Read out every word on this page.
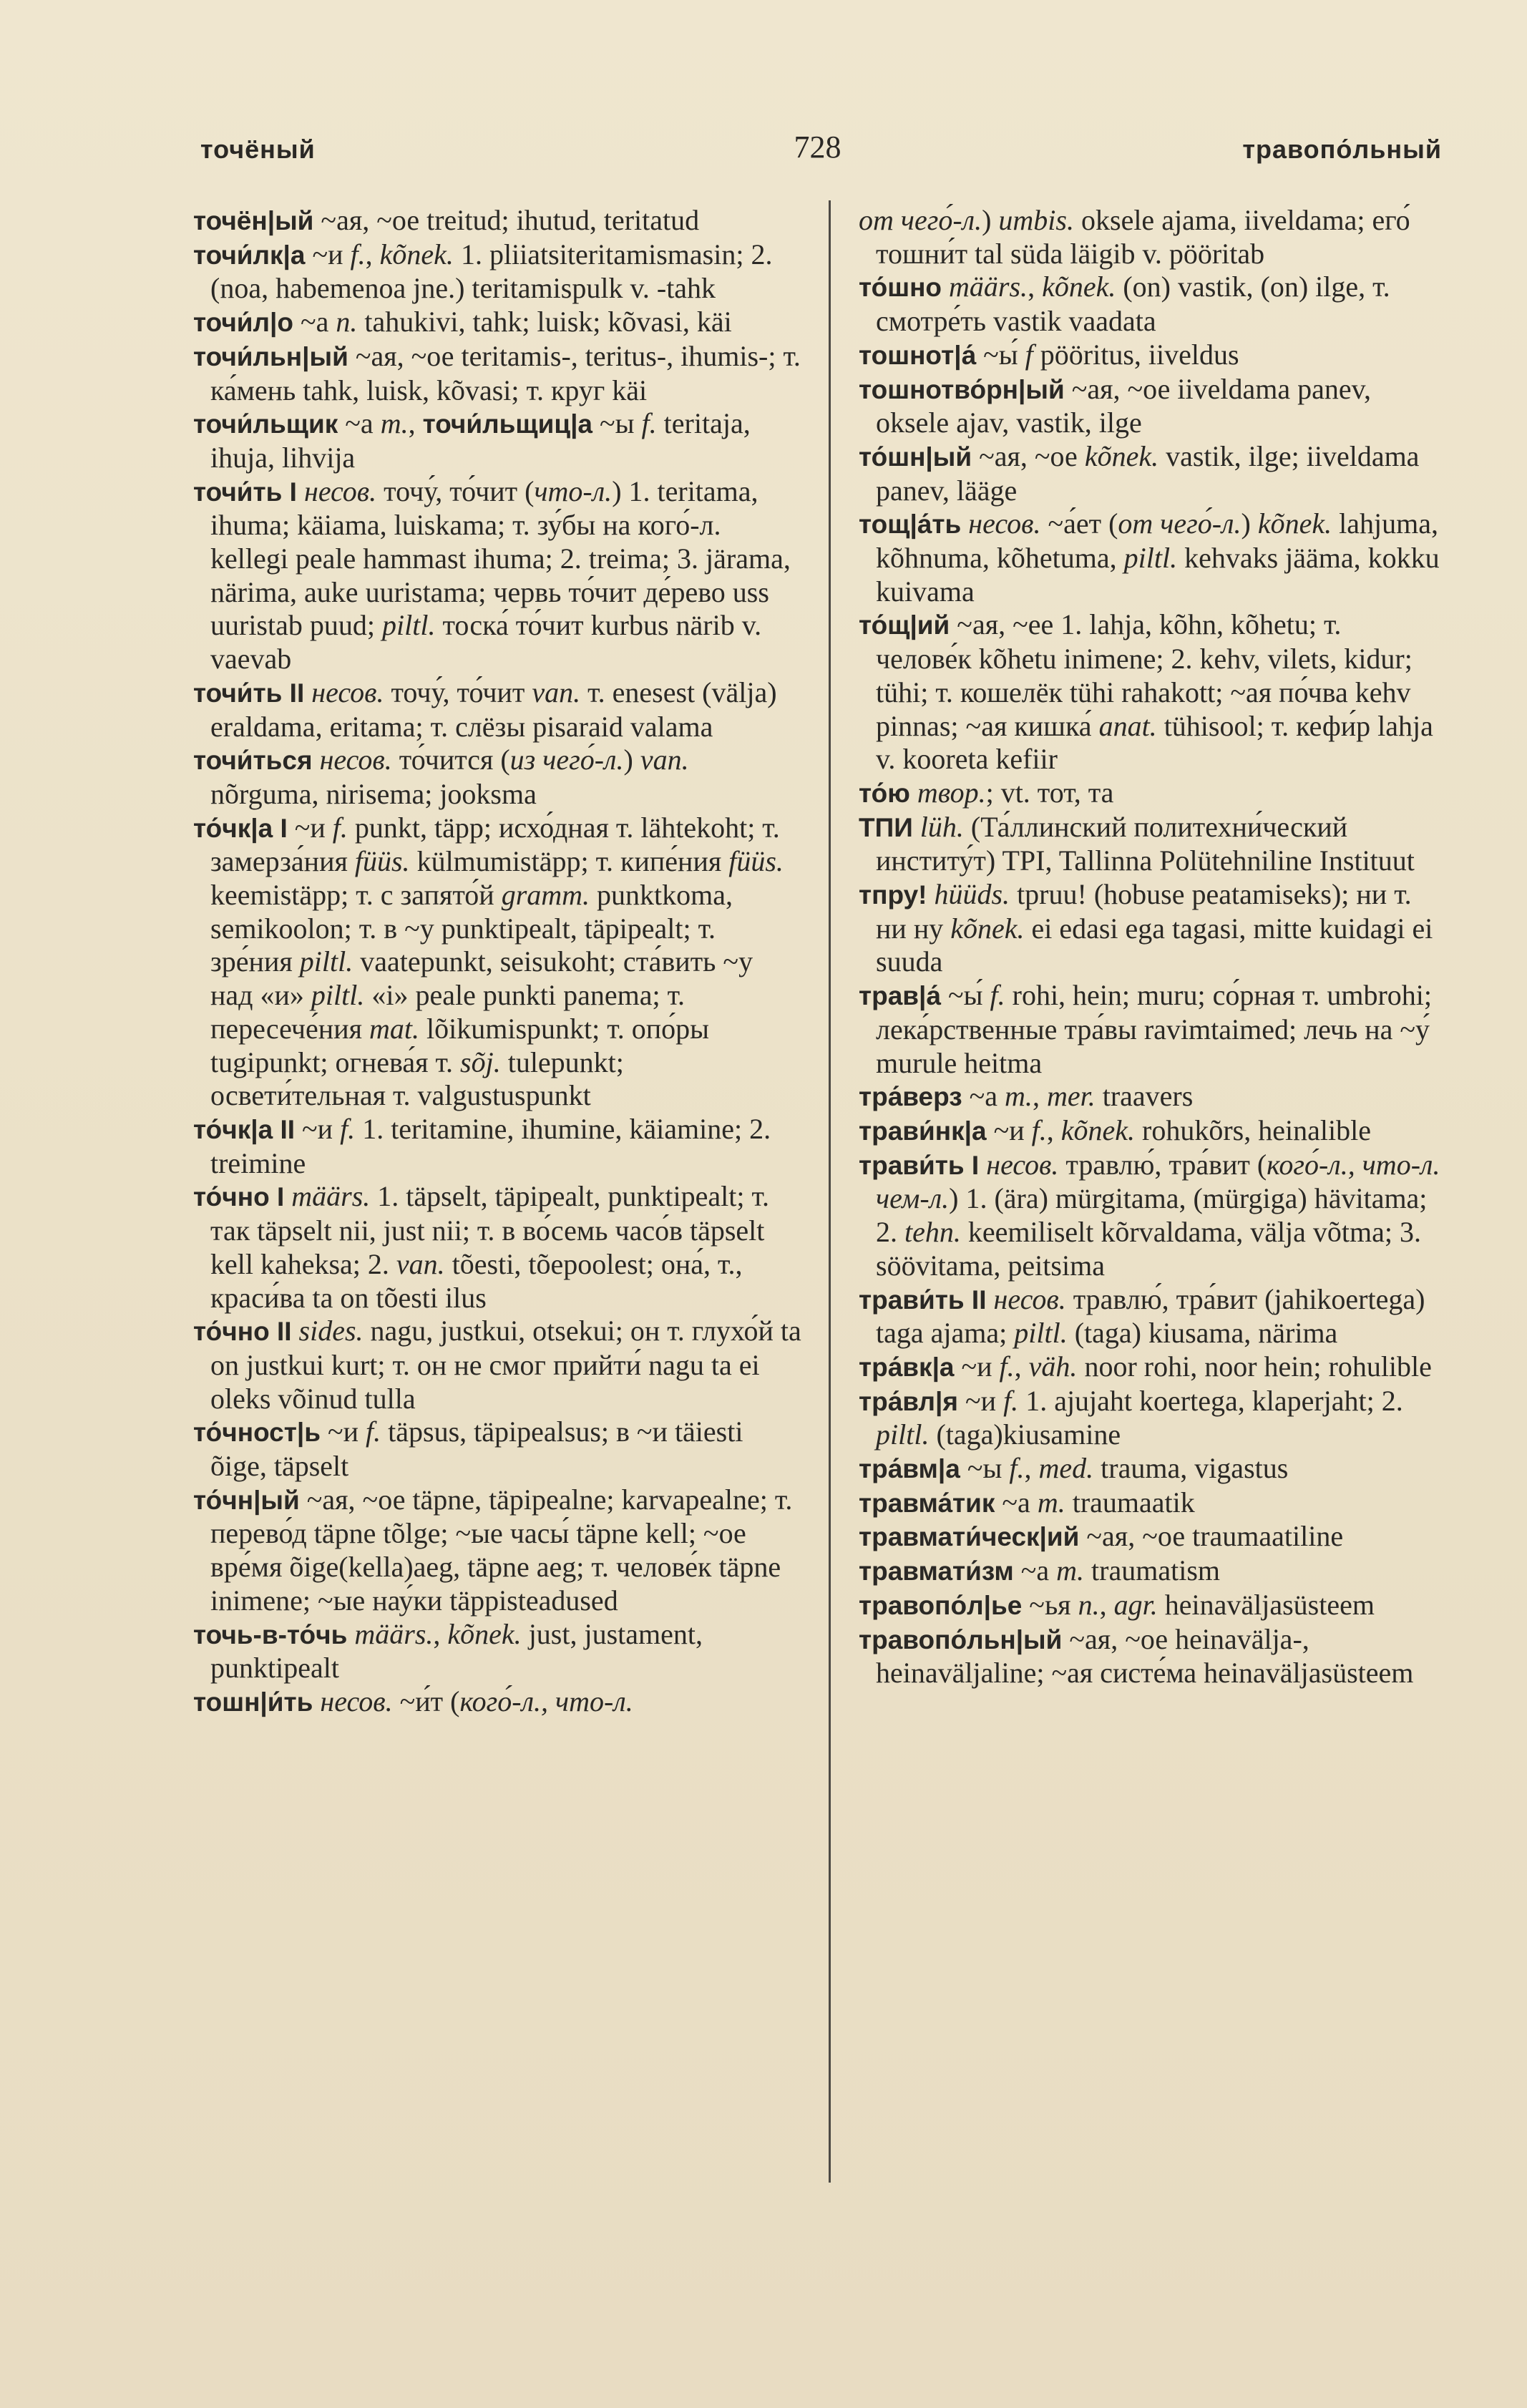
точёный	728	травопо́льный

точён|ый ~ая, ~ое treitud; ihutud, teritatud

точи́лк|а ~и f., kõnek. 1. pliiatsiteritamismasin; 2. (noa, habemenoa jne.) teritamispulk v. -tahk

точи́л|о ~а n. tahukivi, tahk; luisk; kõvasi, käi

точи́льн|ый ~ая, ~ое teritamis-, teritus-, ihumis-; т. ка́мень tahk, luisk, kõvasi; т. круг käi

точи́льщик ~а m., точи́льщиц|а ~ы f. teritaja, ihuja, lihvija

точи́ть I несов. точу́, то́чит (что-л.) 1. teritama, ihuma; käiama, luiskama; т. зу́бы на кого́-л. kellegi peale hammast ihuma; 2. treima; 3. järama, närima, auke uuristama; червь то́чит де́рево uss uuristab puud; piltl. тоска́ то́чит kurbus närib v. vaevab

точи́ть II несов. точу́, то́чит van. т. enesest (välja) eraldama, eritama; т. слёзы pisaraid valama

точи́ться несов. то́чится (из чего́-л.) van. nõrguma, nirisema; jooksma

то́чк|а I ~и f. punkt, täpp; исхо́дная т. lähtekoht; т. замерза́ния füüs. külmumistäpp; т. кипе́ния füüs. keemistäpp; т. с запято́й gramm. punktkoma, semikoolon; т. в ~у punktipealt, täpipealt; т. зре́ния piltl. vaatepunkt, seisukoht; ста́вить ~у над «и» piltl. «i» peale punkti panema; т. пересече́ния mat. lõikumispunkt; т. опо́ры tugipunkt; огнева́я т. sõj. tulepunkt; освети́тельная т. valgustuspunkt

то́чк|а II ~и f. 1. teritamine, ihumine, käiamine; 2. treimine

то́чно I määrs. 1. täpselt, täpipealt, punktipealt; т. так täpselt nii, just nii; т. в во́семь часо́в täpselt kell kaheksa; 2. van. tõesti, tõepoolest; она́, т., краси́ва ta on tõesti ilus

то́чно II sides. nagu, justkui, otsekui; он т. глухо́й ta on justkui kurt; т. он не смог прийти́ nagu ta ei oleks võinud tulla

то́чност|ь ~и f. täpsus, täpipealsus; в ~и täiesti õige, täpselt

то́чн|ый ~ая, ~ое täpne, täpipealne; karvapealne; т. перево́д täpne tõlge; ~ые часы́ täpne kell; ~ое вре́мя õige(kella)aeg, täpne aeg; т. челове́к täpne inimene; ~ые нау́ки täppisteadused

точь-в-то́чь määrs., kõnek. just, justament, punktipealt

тошн|и́ть несов. ~и́т (кого́-л., что-л.

от чего́-л.) umbis. oksele ajama, iiveldama; его́ тошни́т tal süda läigib v. pööritab

то́шно määrs., kõnek. (on) vastik, (on) ilge, т. смотре́ть vastik vaadata

тошнот|а́ ~ы́ f pööritus, iiveldus

тошнотво́рн|ый ~ая, ~ое iiveldama panev, oksele ajav, vastik, ilge

то́шн|ый ~ая, ~ое kõnek. vastik, ilge; iiveldama panev, lääge

тощ|а́ть несов. ~а́ет (от чего́-л.) kõnek. lahjuma, kõhnuma, kõhetuma, piltl. kehvaks jääma, kokku kuivama

то́щ|ий ~ая, ~ее 1. lahja, kõhn, kõhetu; т. челове́к kõhetu inimene; 2. kehv, vilets, kidur; tühi; т. кошелёк tühi rahakott; ~ая по́чва kehv pinnas; ~ая кишка́ anat. tühisool; т. кефи́р lahja v. kooreta kefiir

то́ю твор.; vt. тот, та

ТПИ lüh. (Та́ллинский политехни́ческий институ́т) TPI, Tallinna Polütehniline Instituut

тпру! hüüds. tpruu! (hobuse peatamiseks); ни т. ни ну kõnek. ei edasi ega tagasi, mitte kuidagi ei suuda

трав|а́ ~ы́ f. rohi, hein; muru; со́рная т. umbrohi; лека́рственные тра́вы ravimtaimed; лечь на ~у́ murule heitma

тра́верз ~а m., mer. traavers

трави́нк|а ~и f., kõnek. rohukõrs, heinalible

трави́ть I несов. травлю́, тра́вит (кого́-л., что-л. чем-л.) 1. (ära) mürgitama, (mürgiga) hävitama; 2. tehn. keemiliselt kõrvaldama, välja võtma; 3. söövitama, peitsima

трави́ть II несов. травлю́, тра́вит (jahikoertega) taga ajama; piltl. (taga) kiusama, närima

тра́вк|а ~и f., väh. noor rohi, noor hein; rohulible

тра́вл|я ~и f. 1. ajujaht koertega, klaperjaht; 2. piltl. (taga)kiusamine

тра́вм|а ~ы f., med. trauma, vigastus

травма́тик ~а m. traumaatik

травмати́ческ|ий ~ая, ~ое traumaatiline

травмати́зм ~а m. traumatism

травопо́л|ье ~ья n., agr. heinaväljasüsteem

травопо́льн|ый ~ая, ~ое heinavälja-, heinaväljaline; ~ая систе́ма heinaväljasüsteem
